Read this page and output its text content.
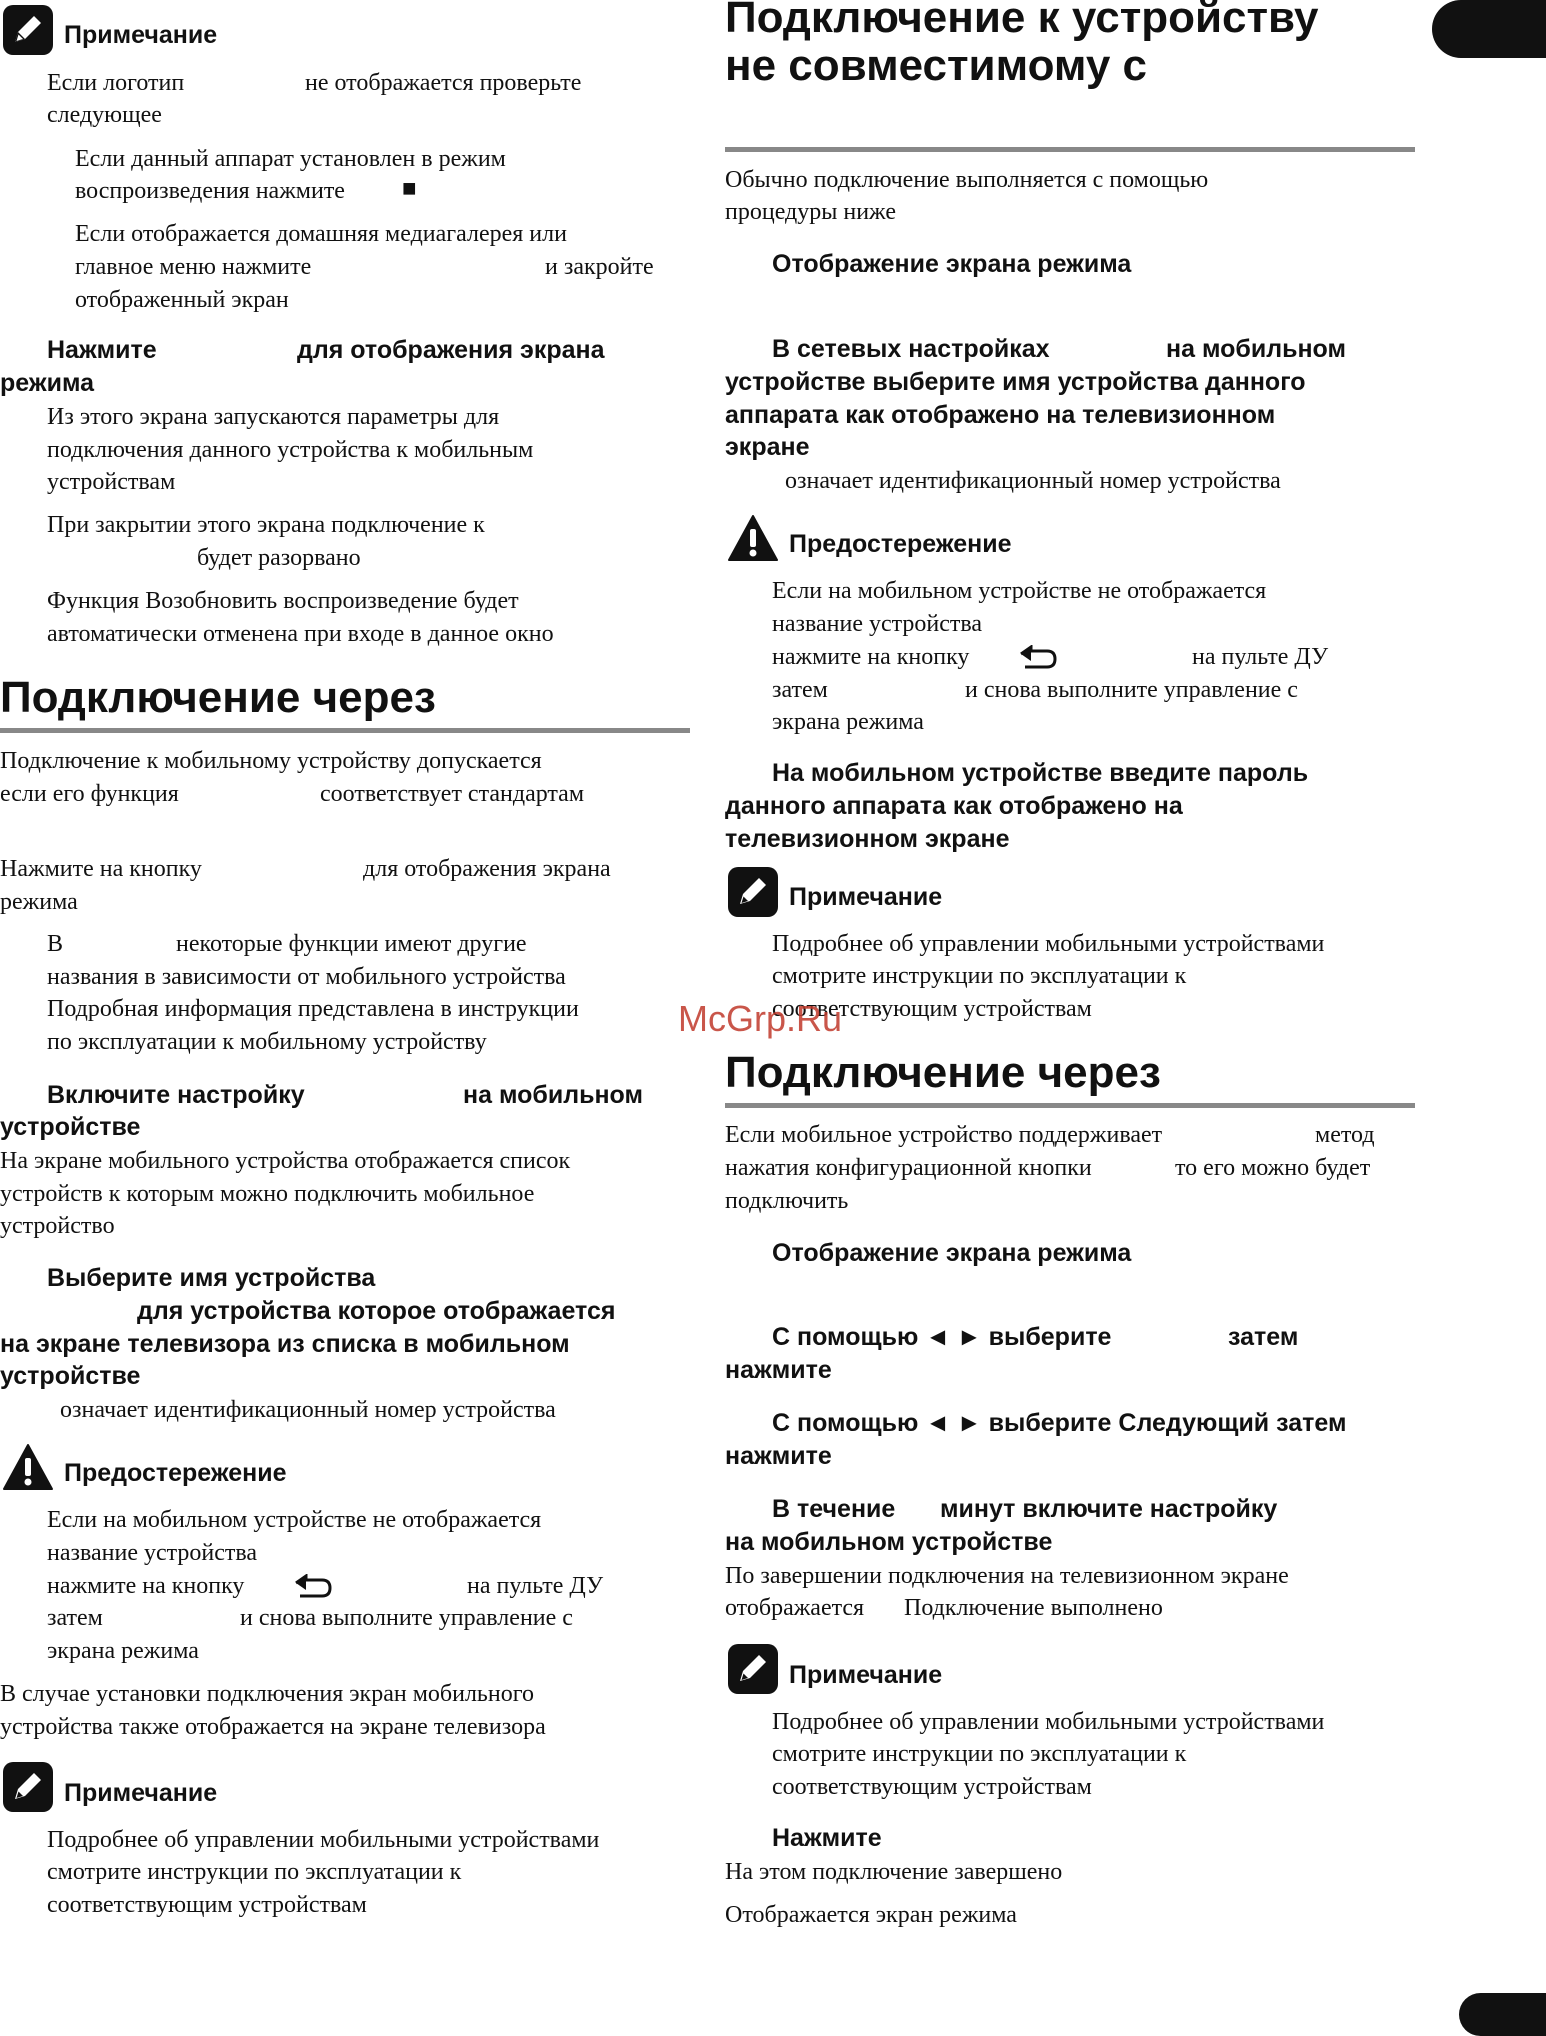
Примечание
Если логотип	не отображается проверьте
следующее
Если данный аппарат установлен в режим
воспроизведения нажмите ■
Если отображается домашняя медиагалерея или
главное меню нажмите	и закройте
отображенный экран
Нажмите	для отображения экрана
режима
Из этого экрана запускаются параметры для
подключения данного устройства к мобильным
устройствам
При закрытии этого экрана подключение к
будет разорвано
Функция Возобновить воспроизведение будет
автоматически отменена при входе в данное окно
Подключение через
Подключение к мобильному устройству допускается
если его функция	соответствует стандартам
Нажмите на кнопку	для отображения экрана
режима
В	некоторые функции имеют другие
названия в зависимости от мобильного устройства
Подробная информация представлена в инструкции
по эксплуатации к мобильному устройству
Включите настройку	на мобильном
устройстве
На экране мобильного устройства отображается список
устройств к которым можно подключить мобильное
устройство
Выберите имя устройства
для устройства которое отображается
на экране телевизора из списка в мобильном
устройстве
означает идентификационный номер устройства
Предостережение
Если на мобильном устройстве не отображается
название устройства
нажмите на кнопку	на пульте ДУ
затем	и снова выполните управление с
экрана режима
В случае установки подключения экран мобильного
устройства также отображается на экране телевизора
Примечание
Подробнее об управлении мобильными устройствами
смотрите инструкции по эксплуатации к
соответствующим устройствам
Подключение к устройству
не совместимому с
Обычно подключение выполняется с помощью
процедуры ниже
Отображение экрана режима
В сетевых настройках	на мобильном
устройстве выберите имя устройства данного
аппарата как отображено на телевизионном
экране
означает идентификационный номер устройства
Предостережение
Если на мобильном устройстве не отображается
название устройства
нажмите на кнопку	на пульте ДУ
затем	и снова выполните управление с
экрана режима
На мобильном устройстве введите пароль
данного аппарата как отображено на
телевизионном экране
Примечание
Подробнее об управлении мобильными устройствами
смотрите инструкции по эксплуатации к
соответствующим устройствам
Подключение через
Если мобильное устройство поддерживает	метод
нажатия конфигурационной кнопки	то его можно будет
подключить
Отображение экрана режима
С помощью ◄ ► выберите	затем
нажмите
С помощью ◄ ► выберите Следующий затем
нажмите
В течение минут включите настройку
на мобильном устройстве
По завершении подключения на телевизионном экране
отображается Подключение выполнено
Примечание
Подробнее об управлении мобильными устройствами
смотрите инструкции по эксплуатации к
соответствующим устройствам
Нажмите
На этом подключение завершено
Отображается экран режима
McGrp.Ru
